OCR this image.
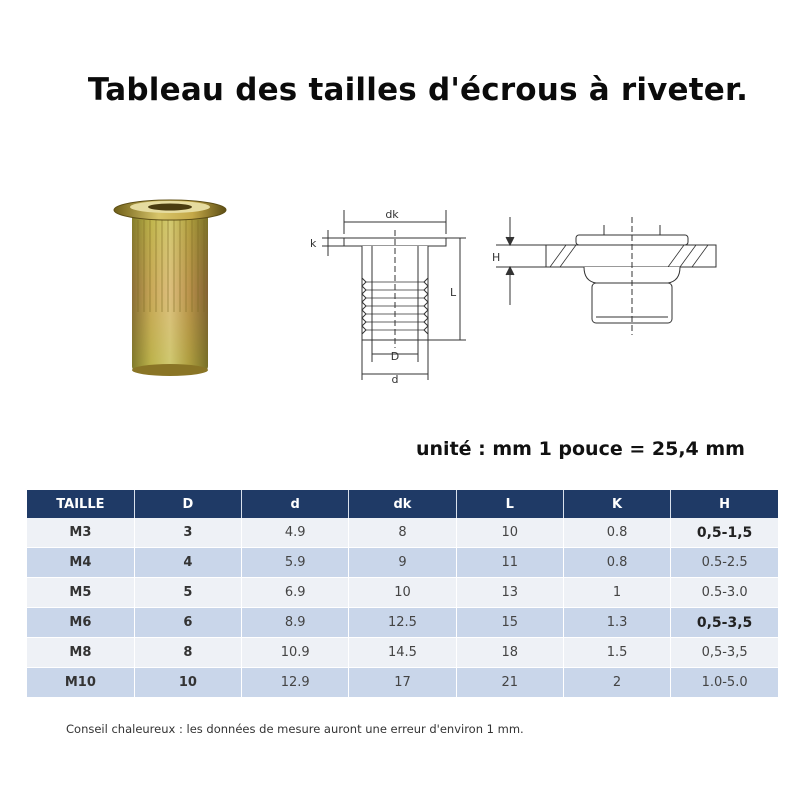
Tableau des tailles d'écrous à riveter.
dk
k
L
D
d
H
unité : mm 1 pouce = 25,4 mm
TAILLE	D	d	dk	L	K	H
M3	3	4.9	8	10	0.8	0,5-1,5
M4	4	5.9	9	11	0.8	0.5-2.5
M5	5	6.9	10	13	1	0.5-3.0
M6	6	8.9	12.5	15	1.3	0,5-3,5
M8	8	10.9	14.5	18	1.5	0,5-3,5
M10	10	12.9	17	21	2	1.0-5.0
Conseil chaleureux : les données de mesure auront une erreur d'environ 1 mm.
